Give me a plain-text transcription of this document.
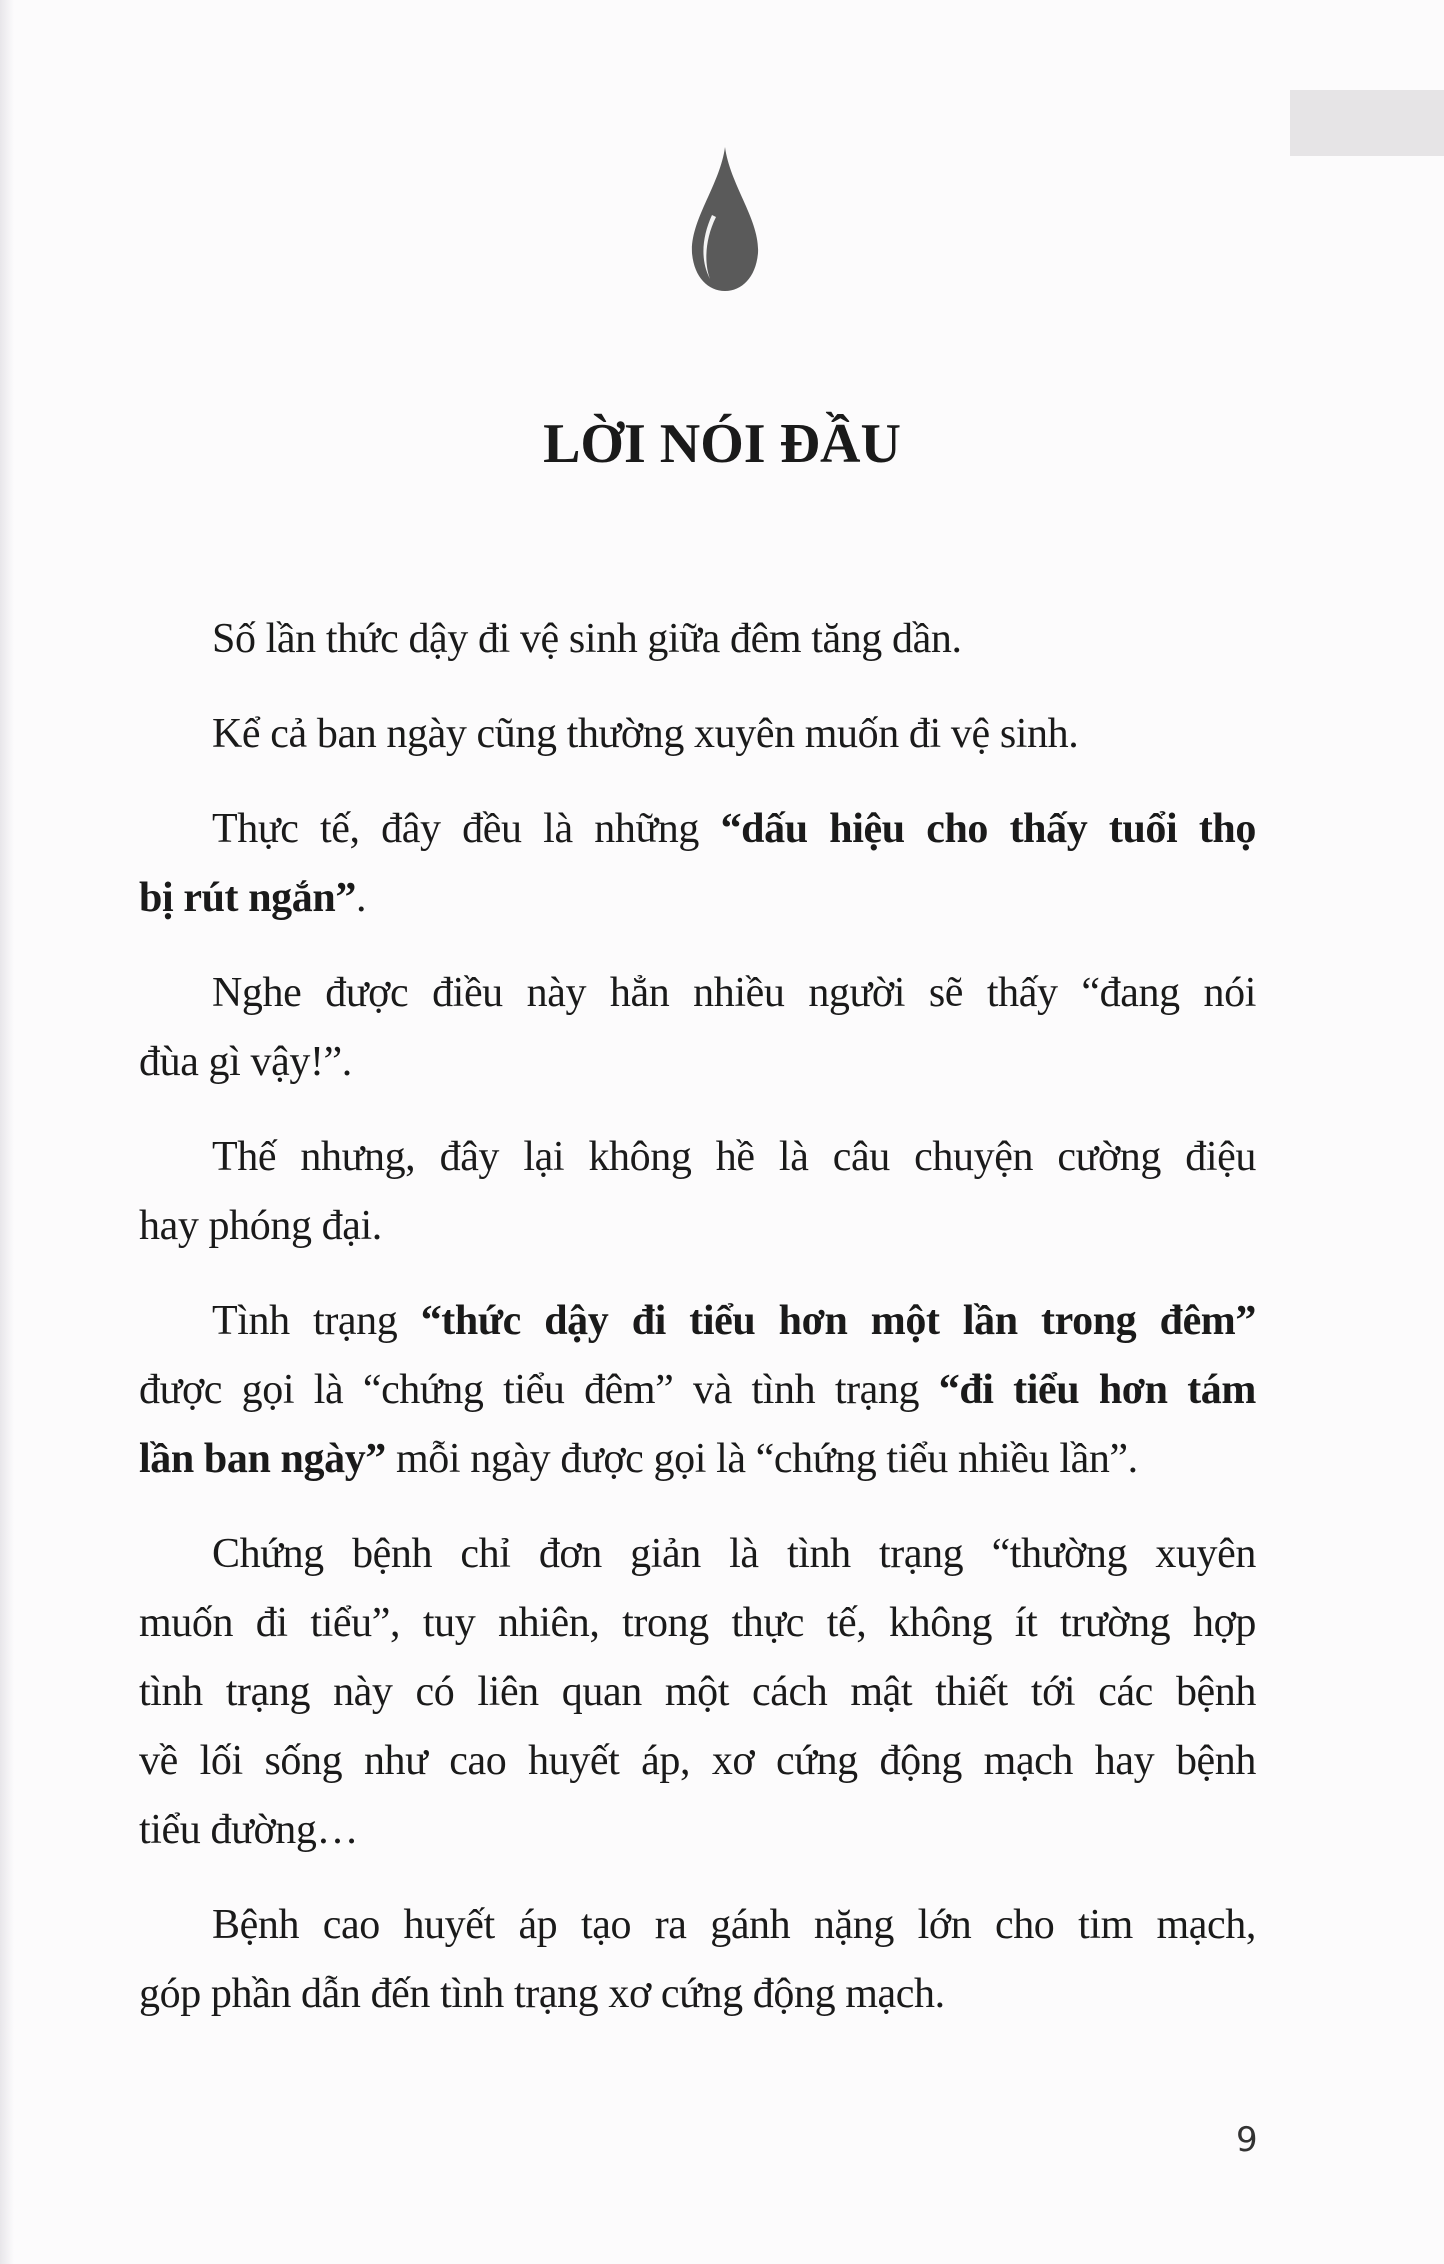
LỜI NÓI ĐẦU
Số lần thức dậy đi vệ sinh giữa đêm tăng dần.
Kể cả ban ngày cũng thường xuyên muốn đi vệ sinh.
Thực tế, đây đều là những “dấu hiệu cho thấy tuổi thọ
bị rút ngắn”.
Nghe được điều này hẳn nhiều người sẽ thấy “đang nói
đùa gì vậy!”.
Thế nhưng, đây lại không hề là câu chuyện cường điệu
hay phóng đại.
Tình trạng “thức dậy đi tiểu hơn một lần trong đêm”
được gọi là “chứng tiểu đêm” và tình trạng “đi tiểu hơn tám
lần ban ngày” mỗi ngày được gọi là “chứng tiểu nhiều lần”.
Chứng bệnh chỉ đơn giản là tình trạng “thường xuyên
muốn đi tiểu”, tuy nhiên, trong thực tế, không ít trường hợp
tình trạng này có liên quan một cách mật thiết tới các bệnh
về lối sống như cao huyết áp, xơ cứng động mạch hay bệnh
tiểu đường…
Bệnh cao huyết áp tạo ra gánh nặng lớn cho tim mạch,
góp phần dẫn đến tình trạng xơ cứng động mạch.
9
